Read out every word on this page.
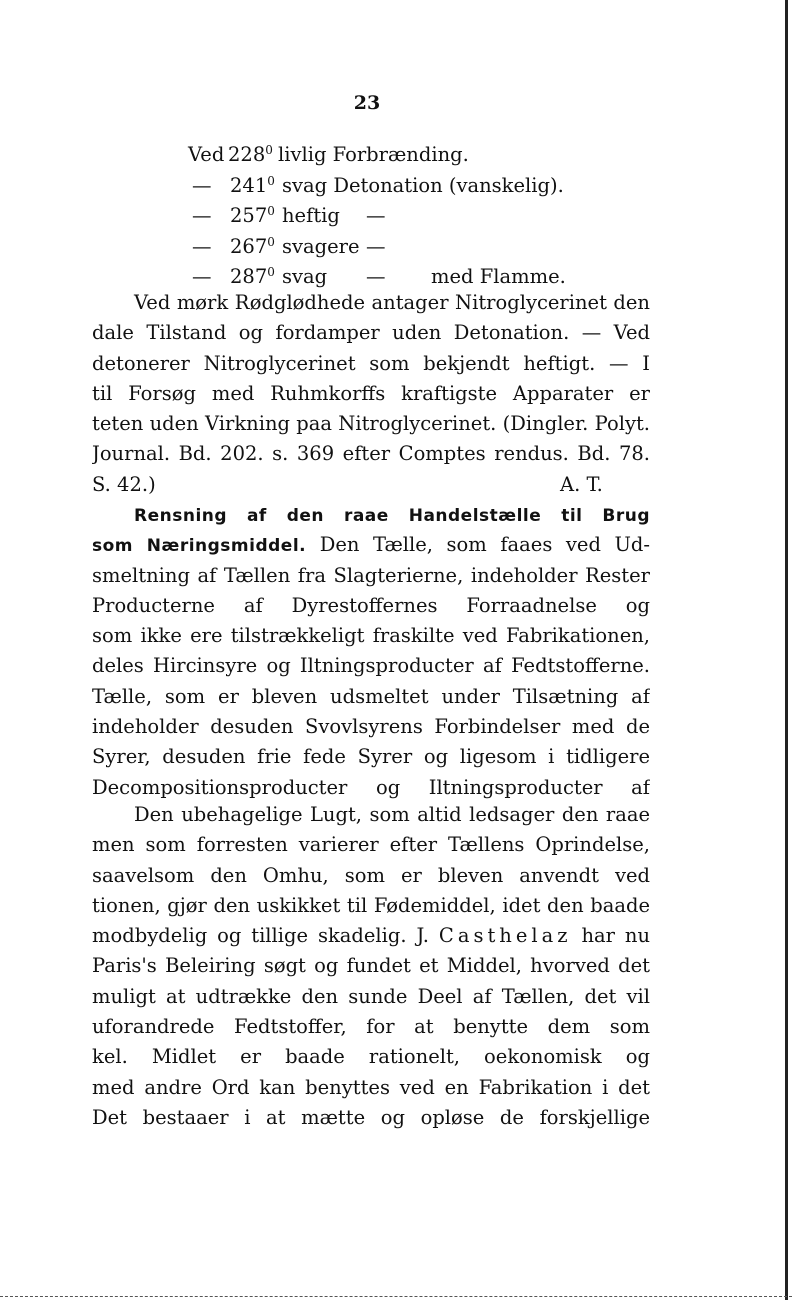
23
Ved $228^0$ livlig Forbrænding.
— $241^0$ svag Detonation (vanskelig).
— $257^0$ heftig —
— $267^0$ svagere —
— $287^0$ svag — med Flamme.
Ved mørk Rødglødhede antager Nitroglycerinet den
dale Tilstand og fordamper uden Detonation. — Ved
detonerer Nitroglycerinet som bekjendt heftigt. — I
til Forsøg med Ruhmkorffs kraftigste Apparater er
teten uden Virkning paa Nitroglycerinet. (Dingler. Polyt.
Journal. Bd. 202. s. 369 efter Comptes rendus. Bd. 78.
S. 42.)	A. T.
Rensning af den raae Handelstælle til Brug
som Næringsmiddel. Den Tælle, som faaes ved Ud-
smeltning af Tællen fra Slagterierne, indeholder Rester
Producterne af Dyrestoffernes Forraadnelse og
som ikke ere tilstrækkeligt fraskilte ved Fabrikationen,
deles Hircinsyre og Iltningsproducter af Fedtstofferne.
Tælle, som er bleven udsmeltet under Tilsætning af
indeholder desuden Svovlsyrens Forbindelser med de
Syrer, desuden frie fede Syrer og ligesom i tidligere
Decompositionsproducter og Iltningsproducter af
Den ubehagelige Lugt, som altid ledsager den raae
men som forresten varierer efter Tællens Oprindelse,
saavelsom den Omhu, som er bleven anvendt ved
tionen, gjør den uskikket til Fødemiddel, idet den baade
modbydelig og tillige skadelig. J. Casthelaz har nu
Paris's Beleiring søgt og fundet et Middel, hvorved det
muligt at udtrække den sunde Deel af Tællen, det vil
uforandrede Fedtstoffer, for at benytte dem som
kel. Midlet er baade rationelt, oekonomisk og
med andre Ord kan benyttes ved en Fabrikation i det
Det bestaaer i at mætte og opløse de forskjellige
